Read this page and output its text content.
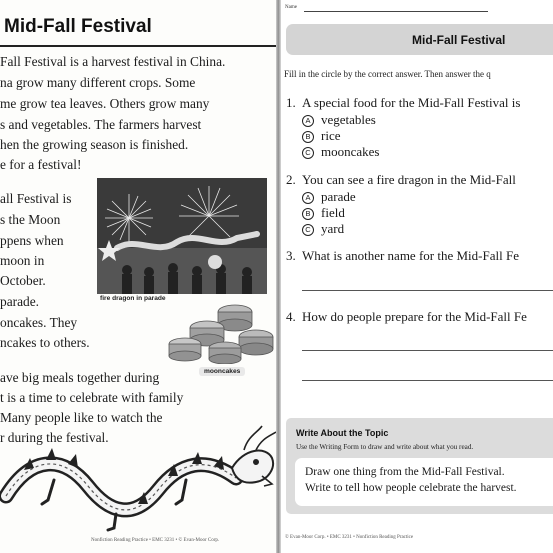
Mid-Fall Festival
Fall Festival is a harvest festival in China.
na grow many different crops. Some
me grow tea leaves. Others grow many
s and vegetables. The farmers harvest
hen the growing season is finished.
e for a festival!
all Festival is
s the Moon
ppens when
moon in
October.
parade.
oncakes. They
ncakes to others.
ave big meals together during
t is a time to celebrate with family
Many people like to watch the
r during the festival.
fire dragon in parade
mooncakes
Nonfiction Reading Practice • EMC 3231 • © Evan-Moor Corp.
Name
Mid-Fall Festival
Fill in the circle by the correct answer. Then answer the q
1. A special food for the Mid-Fall Festival is
A vegetables
B rice
C mooncakes
2. You can see a fire dragon in the Mid-Fall
A parade
B field
C yard
3. What is another name for the Mid-Fall Fe
4. How do people prepare for the Mid-Fall Fe
Write About the Topic
Use the Writing Form to draw and write about what you read.
Draw one thing from the Mid-Fall Festival.
Write to tell how people celebrate the harvest.
© Evan-Moor Corp. • EMC 3231 • Nonfiction Reading Practice
